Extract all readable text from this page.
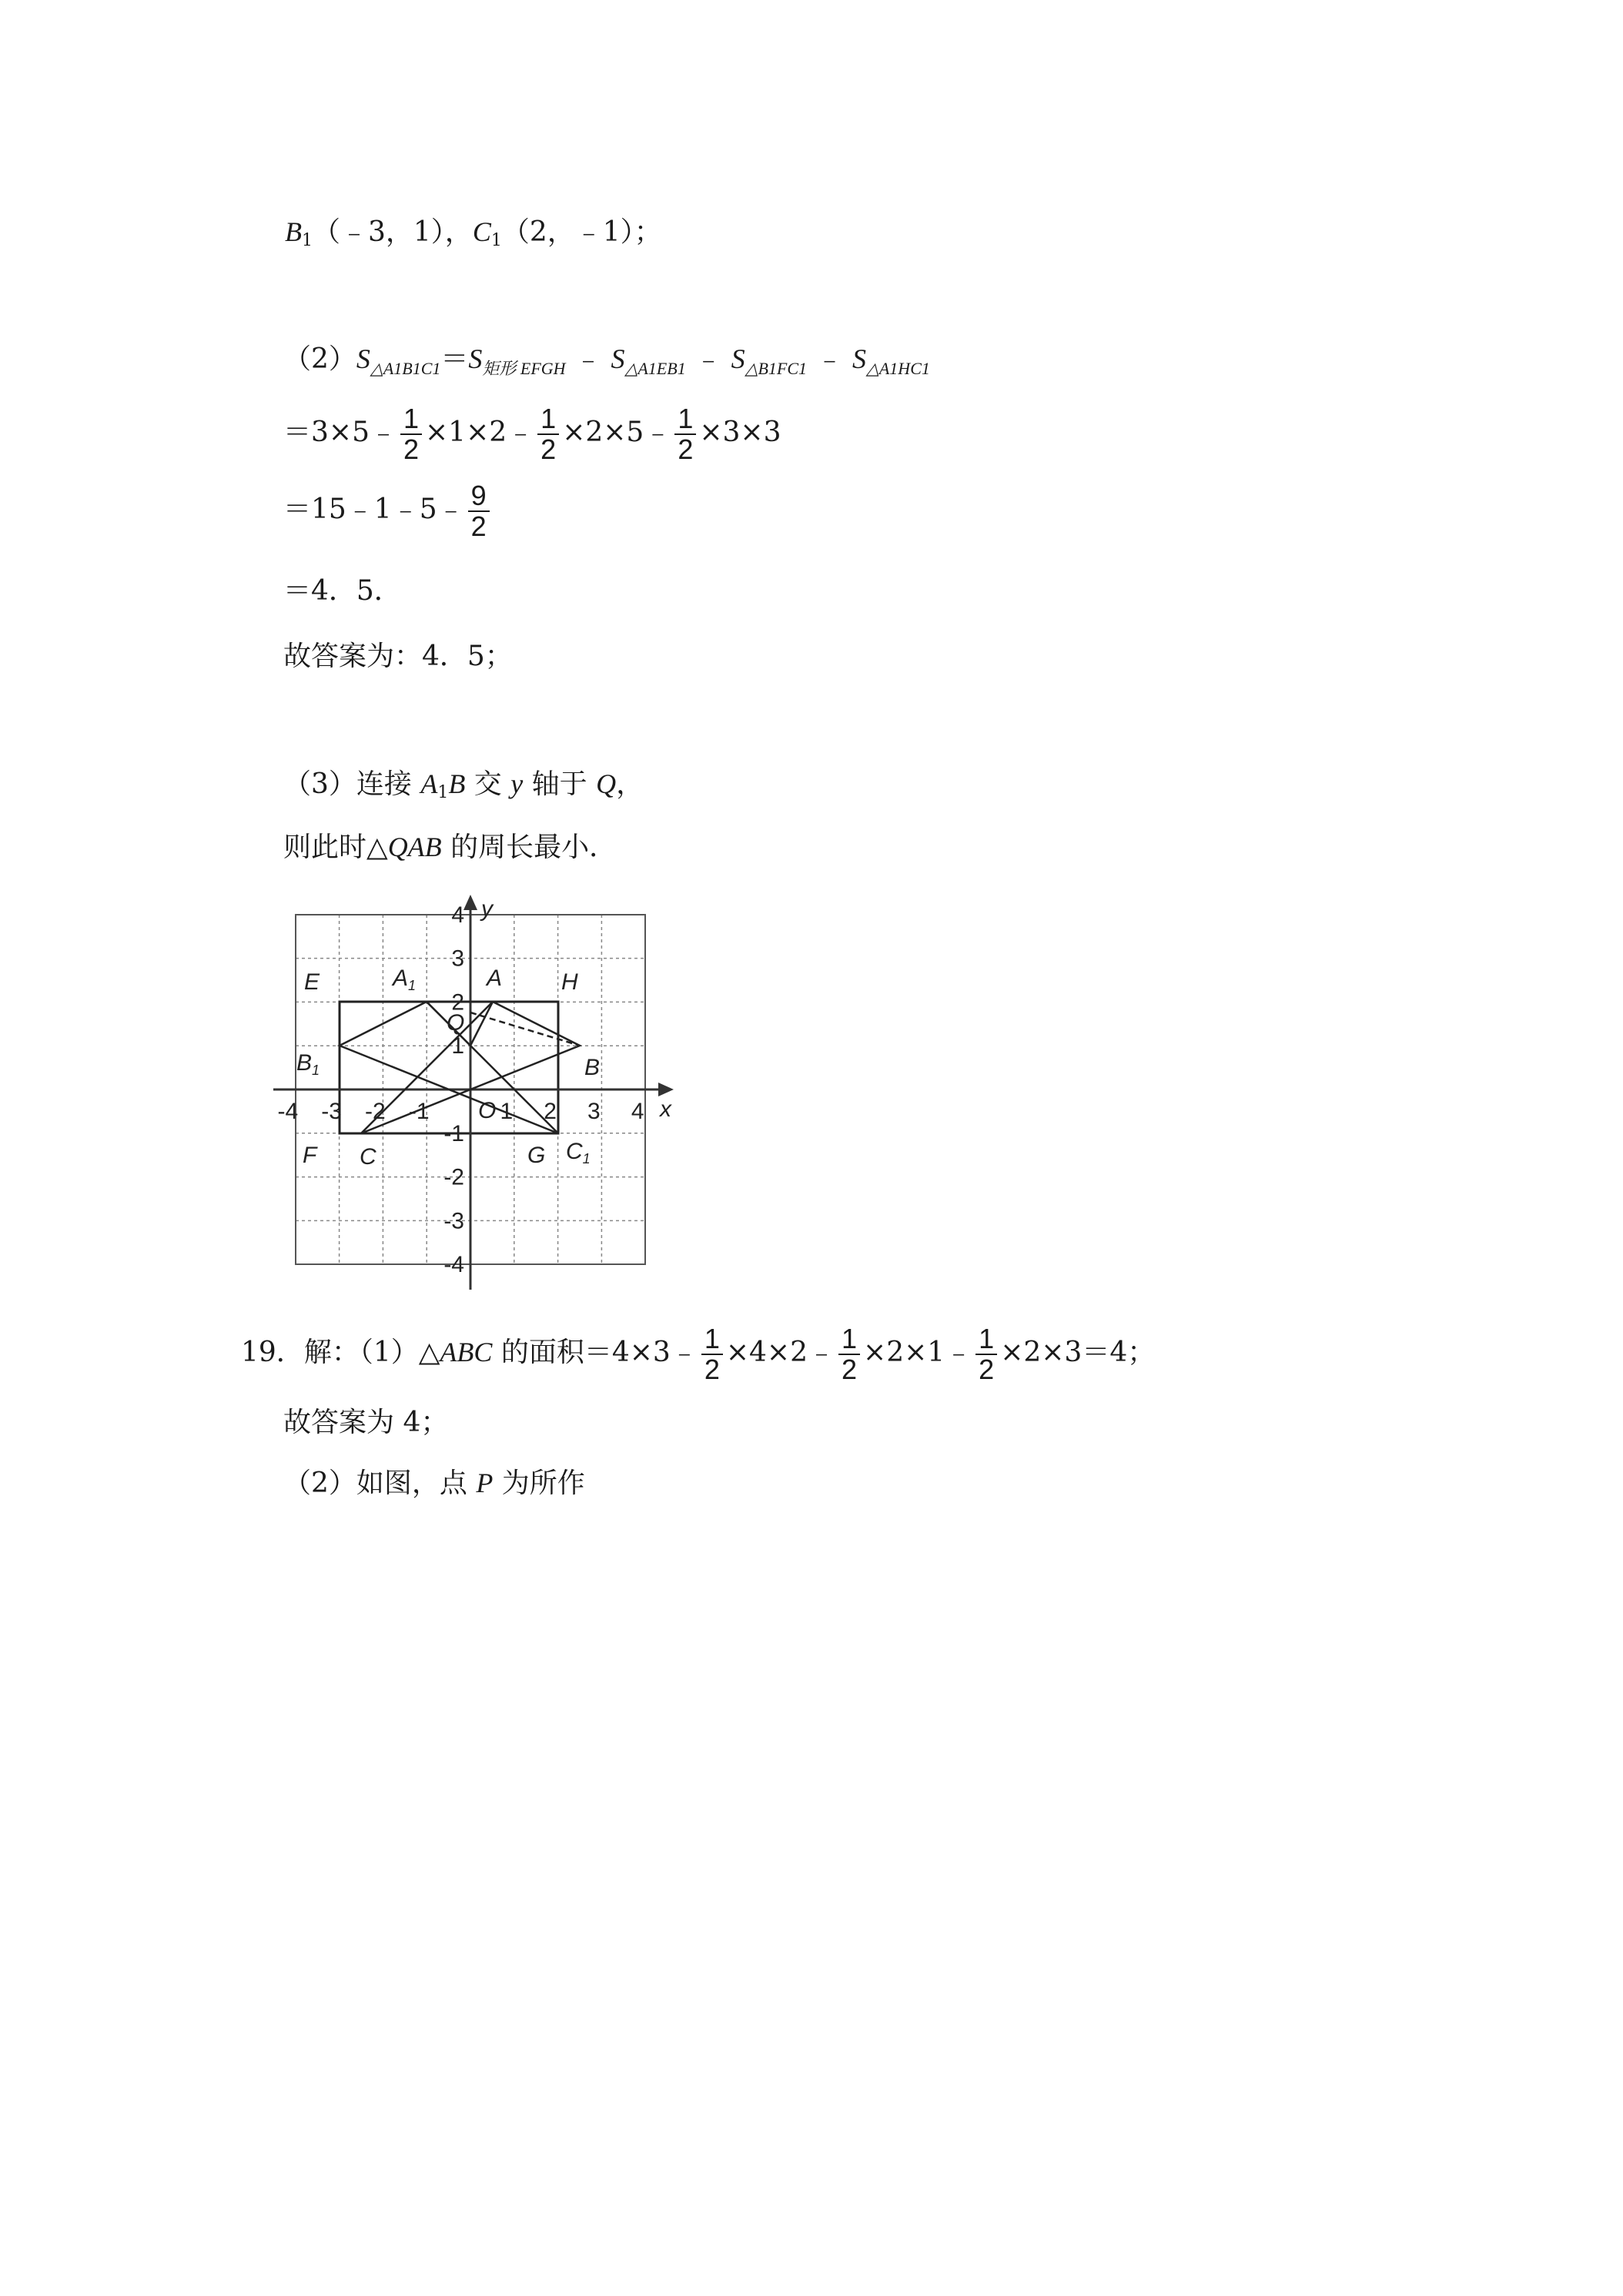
$B_1(﹣3$，1），$C_1(2$，﹣1）；
$(2)S_{\triangle A1B1C1}=S_{矩形 EFGH}$ ﹣ $S_{\triangle A1EB1}$ ﹣ $S_{\triangle B1FC1}$ ﹣ $S_{\triangle A1HC1}$
＝3×5﹣ $\frac{1}{2}$ ×1×2﹣ $\frac{1}{2}$ ×2×5﹣ $\frac{1}{2} \times 3\times 3$
＝15﹣1﹣5﹣ $\frac{9}{2}$
＝4．5．
故答案为：4．5；
（3）连接 $A_1B$ 交 y 轴于 Q，
则此时△QAB 的周长最小．
-4 -3 -2 -1	1 2 3 4
4
3
2
1
-1
-2
-3
-4
O	x
y
E	$A_1$	A	H
Q
$B_1$	B
F C	G $C_1$
19．解：（1）△ABC 的面积＝4×3﹣ $\frac{1}{2}$ ×4×2﹣ $\frac{1}{2}$ ×2×1﹣ $\frac{1}{2} \times 2\times 3=4$；
故答案为 4；
（2）如图，点 P 为所作
